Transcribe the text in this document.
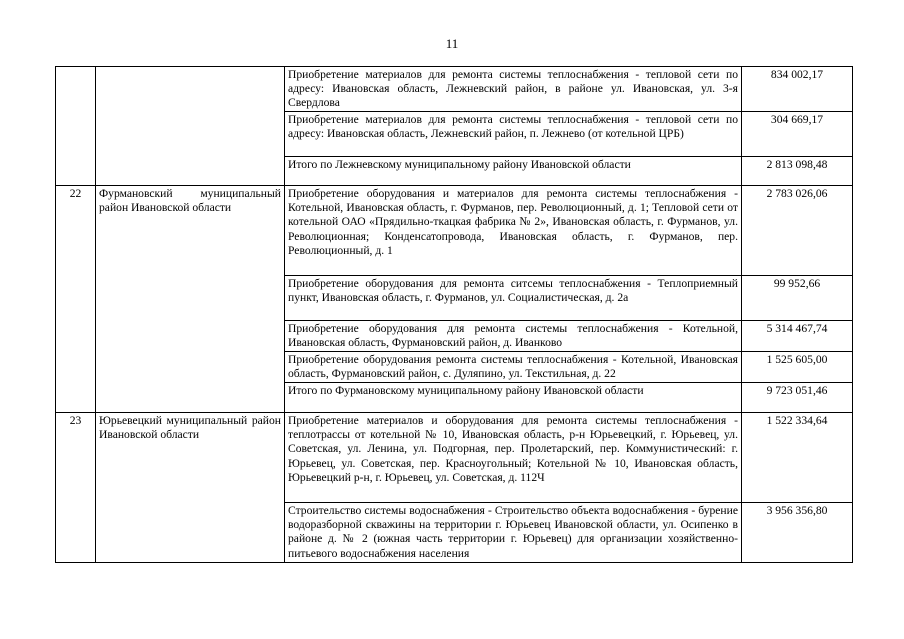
11
		Приобретение материалов для ремонта системы теплоснабжения - тепловой сети по адресу: Ивановская область, Лежневский район, в районе ул. Ивановская, ул. 3-я Свердлова	834 002,17
		Приобретение материалов для ремонта системы теплоснабжения - тепловой сети по адресу: Ивановская область, Лежневский район, п. Лежнево (от котельной ЦРБ)	304 669,17
		Итого по Лежневскому муниципальному району Ивановской области	2 813 098,48
22	Фурмановский муниципальный район Ивановской области	Приобретение оборудования и материалов для ремонта системы теплоснабжения - Котельной, Ивановская область, г. Фурманов, пер. Революционный, д. 1; Тепловой сети от котельной ОАО «Прядильно-ткацкая фабрика № 2», Ивановская область, г. Фурманов, ул. Революционная; Конденсатопровода, Ивановская область, г. Фурманов, пер. Революционный, д. 1	2 783 026,06
		Приобретение оборудования для ремонта ситсемы теплоснабжения - Теплоприемный пункт, Ивановская область, г. Фурманов, ул. Социалистическая, д. 2а	99 952,66
		Приобретение оборудования для ремонта системы теплоснабжения - Котельной, Ивановская область, Фурмановский район, д. Иванково	5 314 467,74
		Приобретение оборудования ремонта системы теплоснабжения - Котельной, Ивановская область, Фурмановский район, с. Дуляпино, ул. Текстильная, д. 22	1 525 605,00
		Итого по Фурмановскому муниципальному району Ивановской области	9 723 051,46
23	Юрьевецкий муниципальный район Ивановской области	Приобретение материалов и оборудования для ремонта системы теплоснабжения - теплотрассы от котельной № 10, Ивановская область, р-н Юрьевецкий, г. Юрьевец, ул. Советская, ул. Ленина, ул. Подгорная, пер. Пролетарский, пер. Коммунистический: г. Юрьевец, ул. Советская, пер. Красноугольный; Котельной № 10, Ивановская область, Юрьевецкий р-н, г. Юрьевец, ул. Советская, д. 112Ч	1 522 334,64
		Строительство системы водоснабжения - Строительство объекта водоснабжения - бурение водоразборной скважины на территории г. Юрьевец Ивановской области, ул. Осипенко в районе д. № 2 (южная часть территории г. Юрьевец) для организации хозяйственно-питьевого водоснабжения населения	3 956 356,80
